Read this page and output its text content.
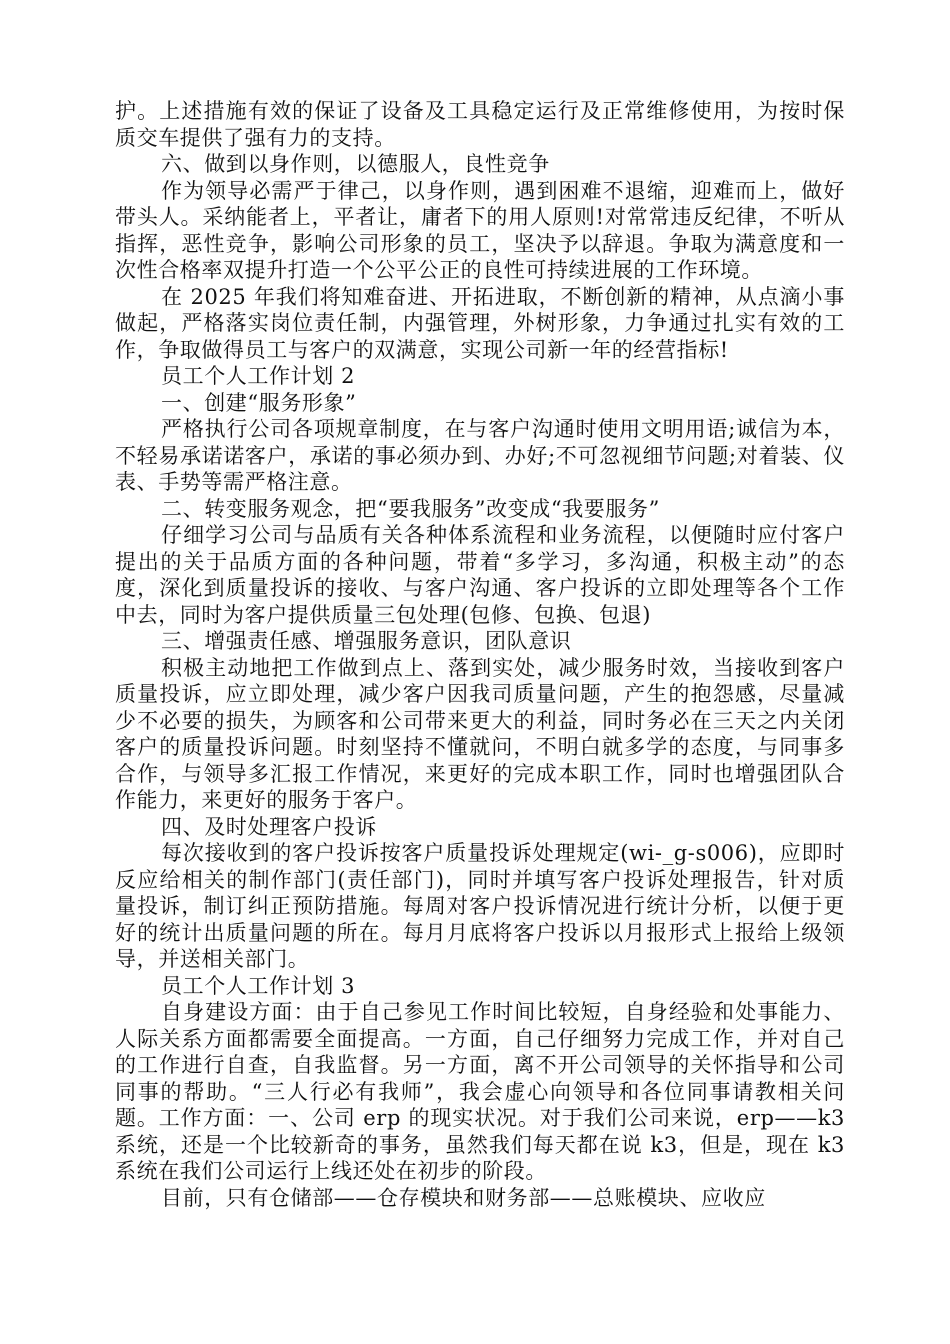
护。上述措施有效的保证了设备及工具稳定运行及正常维修使用，为按时保质交车提供了强有力的支持。

六、做到以身作则，以德服人，良性竞争

作为领导必需严于律己，以身作则，遇到困难不退缩，迎难而上，做好带头人。采纳能者上，平者让，庸者下的用人原则!对常常违反纪律，不听从指挥，恶性竞争，影响公司形象的员工，坚决予以辞退。争取为满意度和一次性合格率双提升打造一个公平公正的良性可持续进展的工作环境。

在 2025 年我们将知难奋进、开拓进取，不断创新的精神，从点滴小事做起，严格落实岗位责任制，内强管理，外树形象，力争通过扎实有效的工作，争取做得员工与客户的双满意，实现公司新一年的经营指标!

员工个人工作计划 2

一、创建“服务形象”

严格执行公司各项规章制度，在与客户沟通时使用文明用语;诚信为本，不轻易承诺诺客户，承诺的事必须办到、办好;不可忽视细节问题;对着装、仪表、手势等需严格注意。

二、转变服务观念，把“要我服务”改变成“我要服务”

仔细学习公司与品质有关各种体系流程和业务流程，以便随时应付客户提出的关于品质方面的各种问题，带着“多学习，多沟通，积极主动”的态度，深化到质量投诉的接收、与客户沟通、客户投诉的立即处理等各个工作中去，同时为客户提供质量三包处理(包修、包换、包退)

三、增强责任感、增强服务意识，团队意识

积极主动地把工作做到点上、落到实处，减少服务时效，当接收到客户质量投诉，应立即处理，减少客户因我司质量问题，产生的抱怨感，尽量减少不必要的损失，为顾客和公司带来更大的利益，同时务必在三天之内关闭客户的质量投诉问题。时刻坚持不懂就问，不明白就多学的态度，与同事多合作，与领导多汇报工作情况，来更好的完成本职工作，同时也增强团队合作能力，来更好的服务于客户。

四、及时处理客户投诉

每次接收到的客户投诉按客户质量投诉处理规定(wi-_g-s006)，应即时反应给相关的制作部门(责任部门)，同时并填写客户投诉处理报告，针对质量投诉，制订纠正预防措施。每周对客户投诉情况进行统计分析，以便于更好的统计出质量问题的所在。每月月底将客户投诉以月报形式上报给上级领导，并送相关部门。

员工个人工作计划 3

自身建设方面：由于自己参见工作时间比较短，自身经验和处事能力、人际关系方面都需要全面提高。一方面，自己仔细努力完成工作，并对自己的工作进行自查，自我监督。另一方面，离不开公司领导的关怀指导和公司同事的帮助。“三人行必有我师”，我会虚心向领导和各位同事请教相关问题。工作方面：一、公司 erp 的现实状况。对于我们公司来说，erp——k3 系统，还是一个比较新奇的事务，虽然我们每天都在说 k3，但是，现在 k3 系统在我们公司运行上线还处在初步的阶段。

目前，只有仓储部——仓存模块和财务部——总账模块、应收应
